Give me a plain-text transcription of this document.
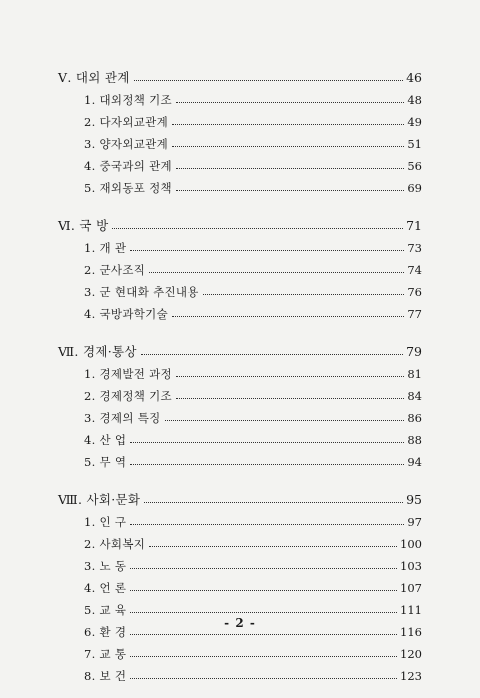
Ⅴ. 대외 관계	46
1. 대외정책 기조	48
2. 다자외교관계	49
3. 양자외교관계	51
4. 중국과의 관계	56
5. 재외동포 정책	69
Ⅵ. 국 방	71
1. 개 관	73
2. 군사조직	74
3. 군 현대화 추진내용	76
4. 국방과학기술	77
Ⅶ. 경제·통상	79
1. 경제발전 과정	81
2. 경제정책 기조	84
3. 경제의 특징	86
4. 산 업	88
5. 무 역	94
Ⅷ. 사회·문화	95
1. 인 구	97
2. 사회복지	100
3. 노 동	103
4. 언 론	107
5. 교 육	111
6. 환 경	116
7. 교 통	120
8. 보 건	123
- 2 -
